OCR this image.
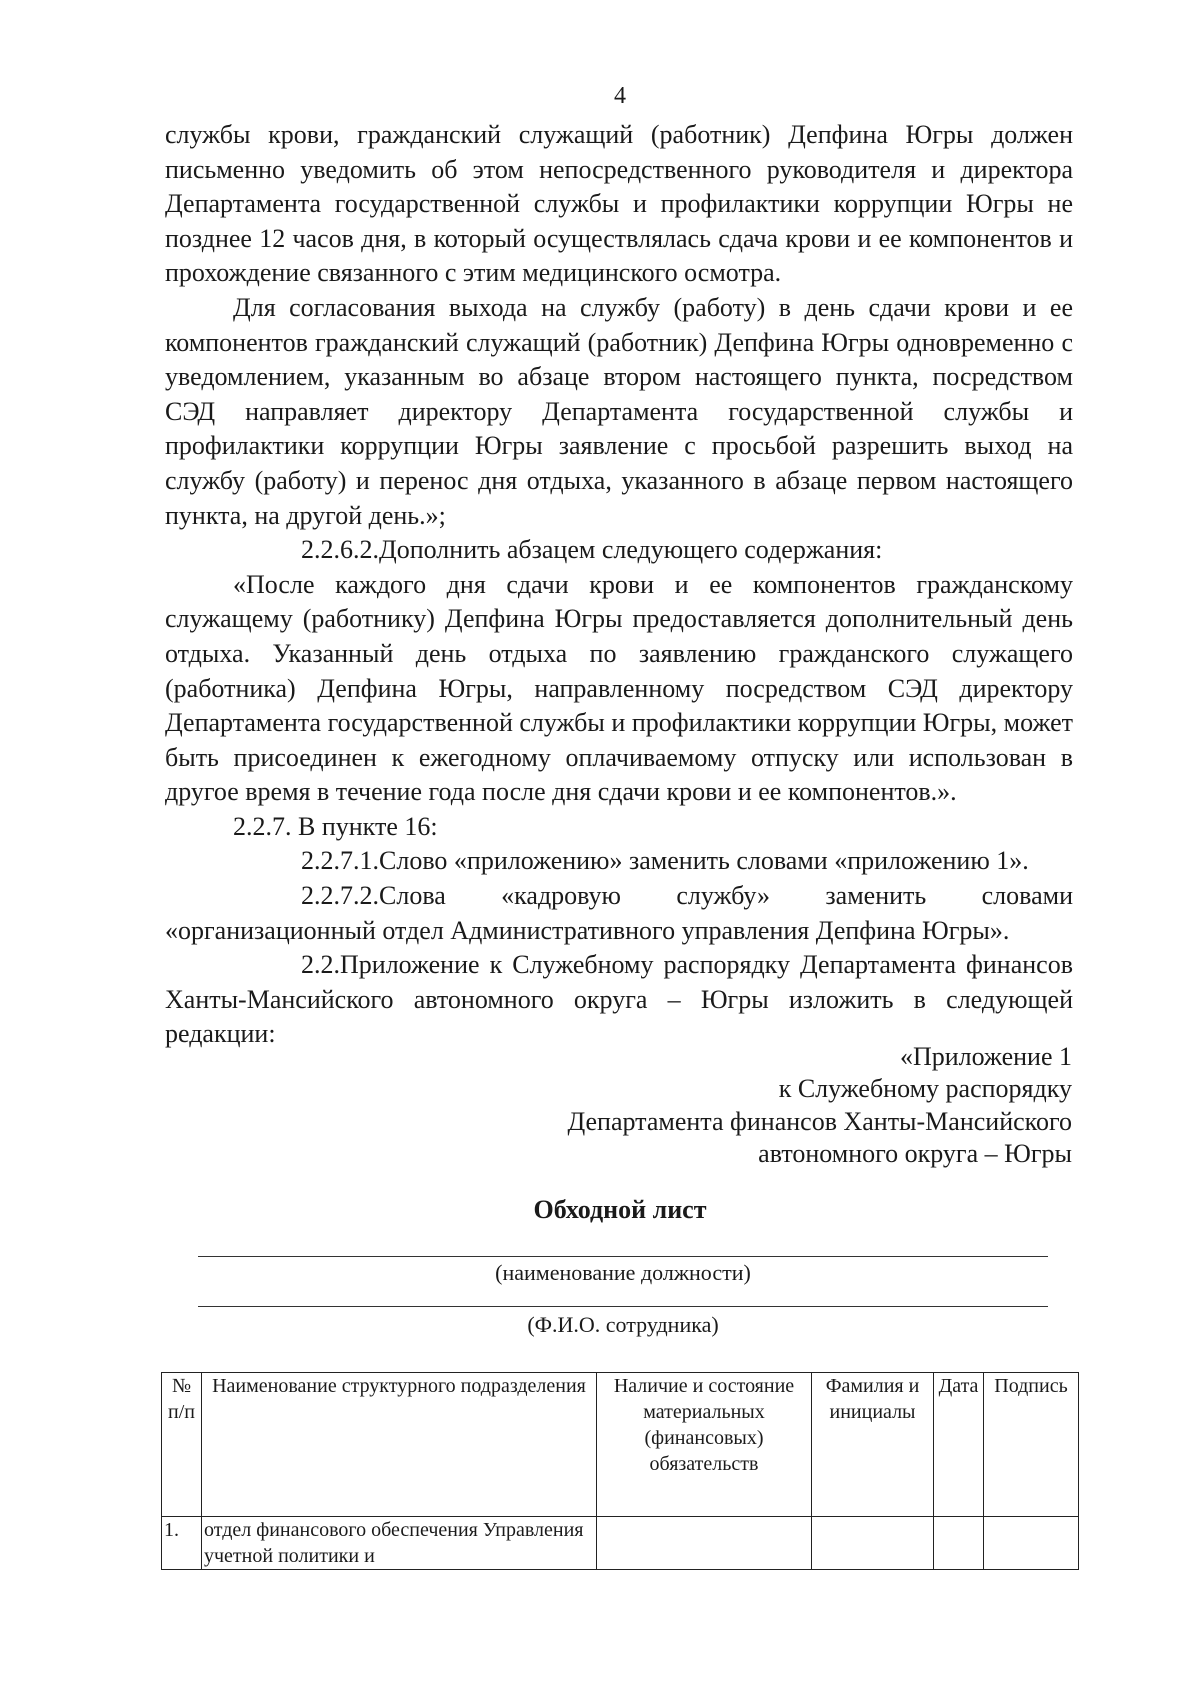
4

службы крови, гражданский служащий (работник) Депфина Югры должен письменно уведомить об этом непосредственного руководителя и директора Департамента государственной службы и профилактики коррупции Югры не позднее 12 часов дня, в который осуществлялась сдача крови и ее компонентов и прохождение связанного с этим медицинского осмотра.

Для согласования выхода на службу (работу) в день сдачи крови и ее компонентов гражданский служащий (работник) Депфина Югры одновременно с уведомлением, указанным во абзаце втором настоящего пункта, посредством СЭД направляет директору Департамента государственной службы и профилактики коррупции Югры заявление с просьбой разрешить выход на службу (работу) и перенос дня отдыха, указанного в абзаце первом настоящего пункта, на другой день.»;

2.2.6.2.Дополнить абзацем следующего содержания:

«После каждого дня сдачи крови и ее компонентов гражданскому служащему (работнику) Депфина Югры предоставляется дополнительный день отдыха. Указанный день отдыха по заявлению гражданского служащего (работника) Депфина Югры, направленному посредством СЭД директору Департамента государственной службы и профилактики коррупции Югры, может быть присоединен к ежегодному оплачиваемому отпуску или использован в другое время в течение года после дня сдачи крови и ее компонентов.».

2.2.7. В пункте 16:

2.2.7.1.Слово «приложению» заменить словами «приложению 1».

2.2.7.2.Слова «кадровую службу» заменить словами «организационный отдел Административного управления Депфина Югры».

2.2.Приложение к Служебному распорядку Департамента финансов Ханты-Мансийского автономного округа – Югры изложить в следующей редакции:

«Приложение 1
к Служебному распорядку
Департамента финансов Ханты-Мансийского
автономного округа – Югры
Обходной лист
(наименование должности)
(Ф.И.О. сотрудника)
№ п/п	Наименование структурного подразделения	Наличие и состояние материальных (финансовых) обязательств	Фамилия и инициалы	Дата	Подпись
1.	отдел финансового обеспечения Управления учетной политики и				
